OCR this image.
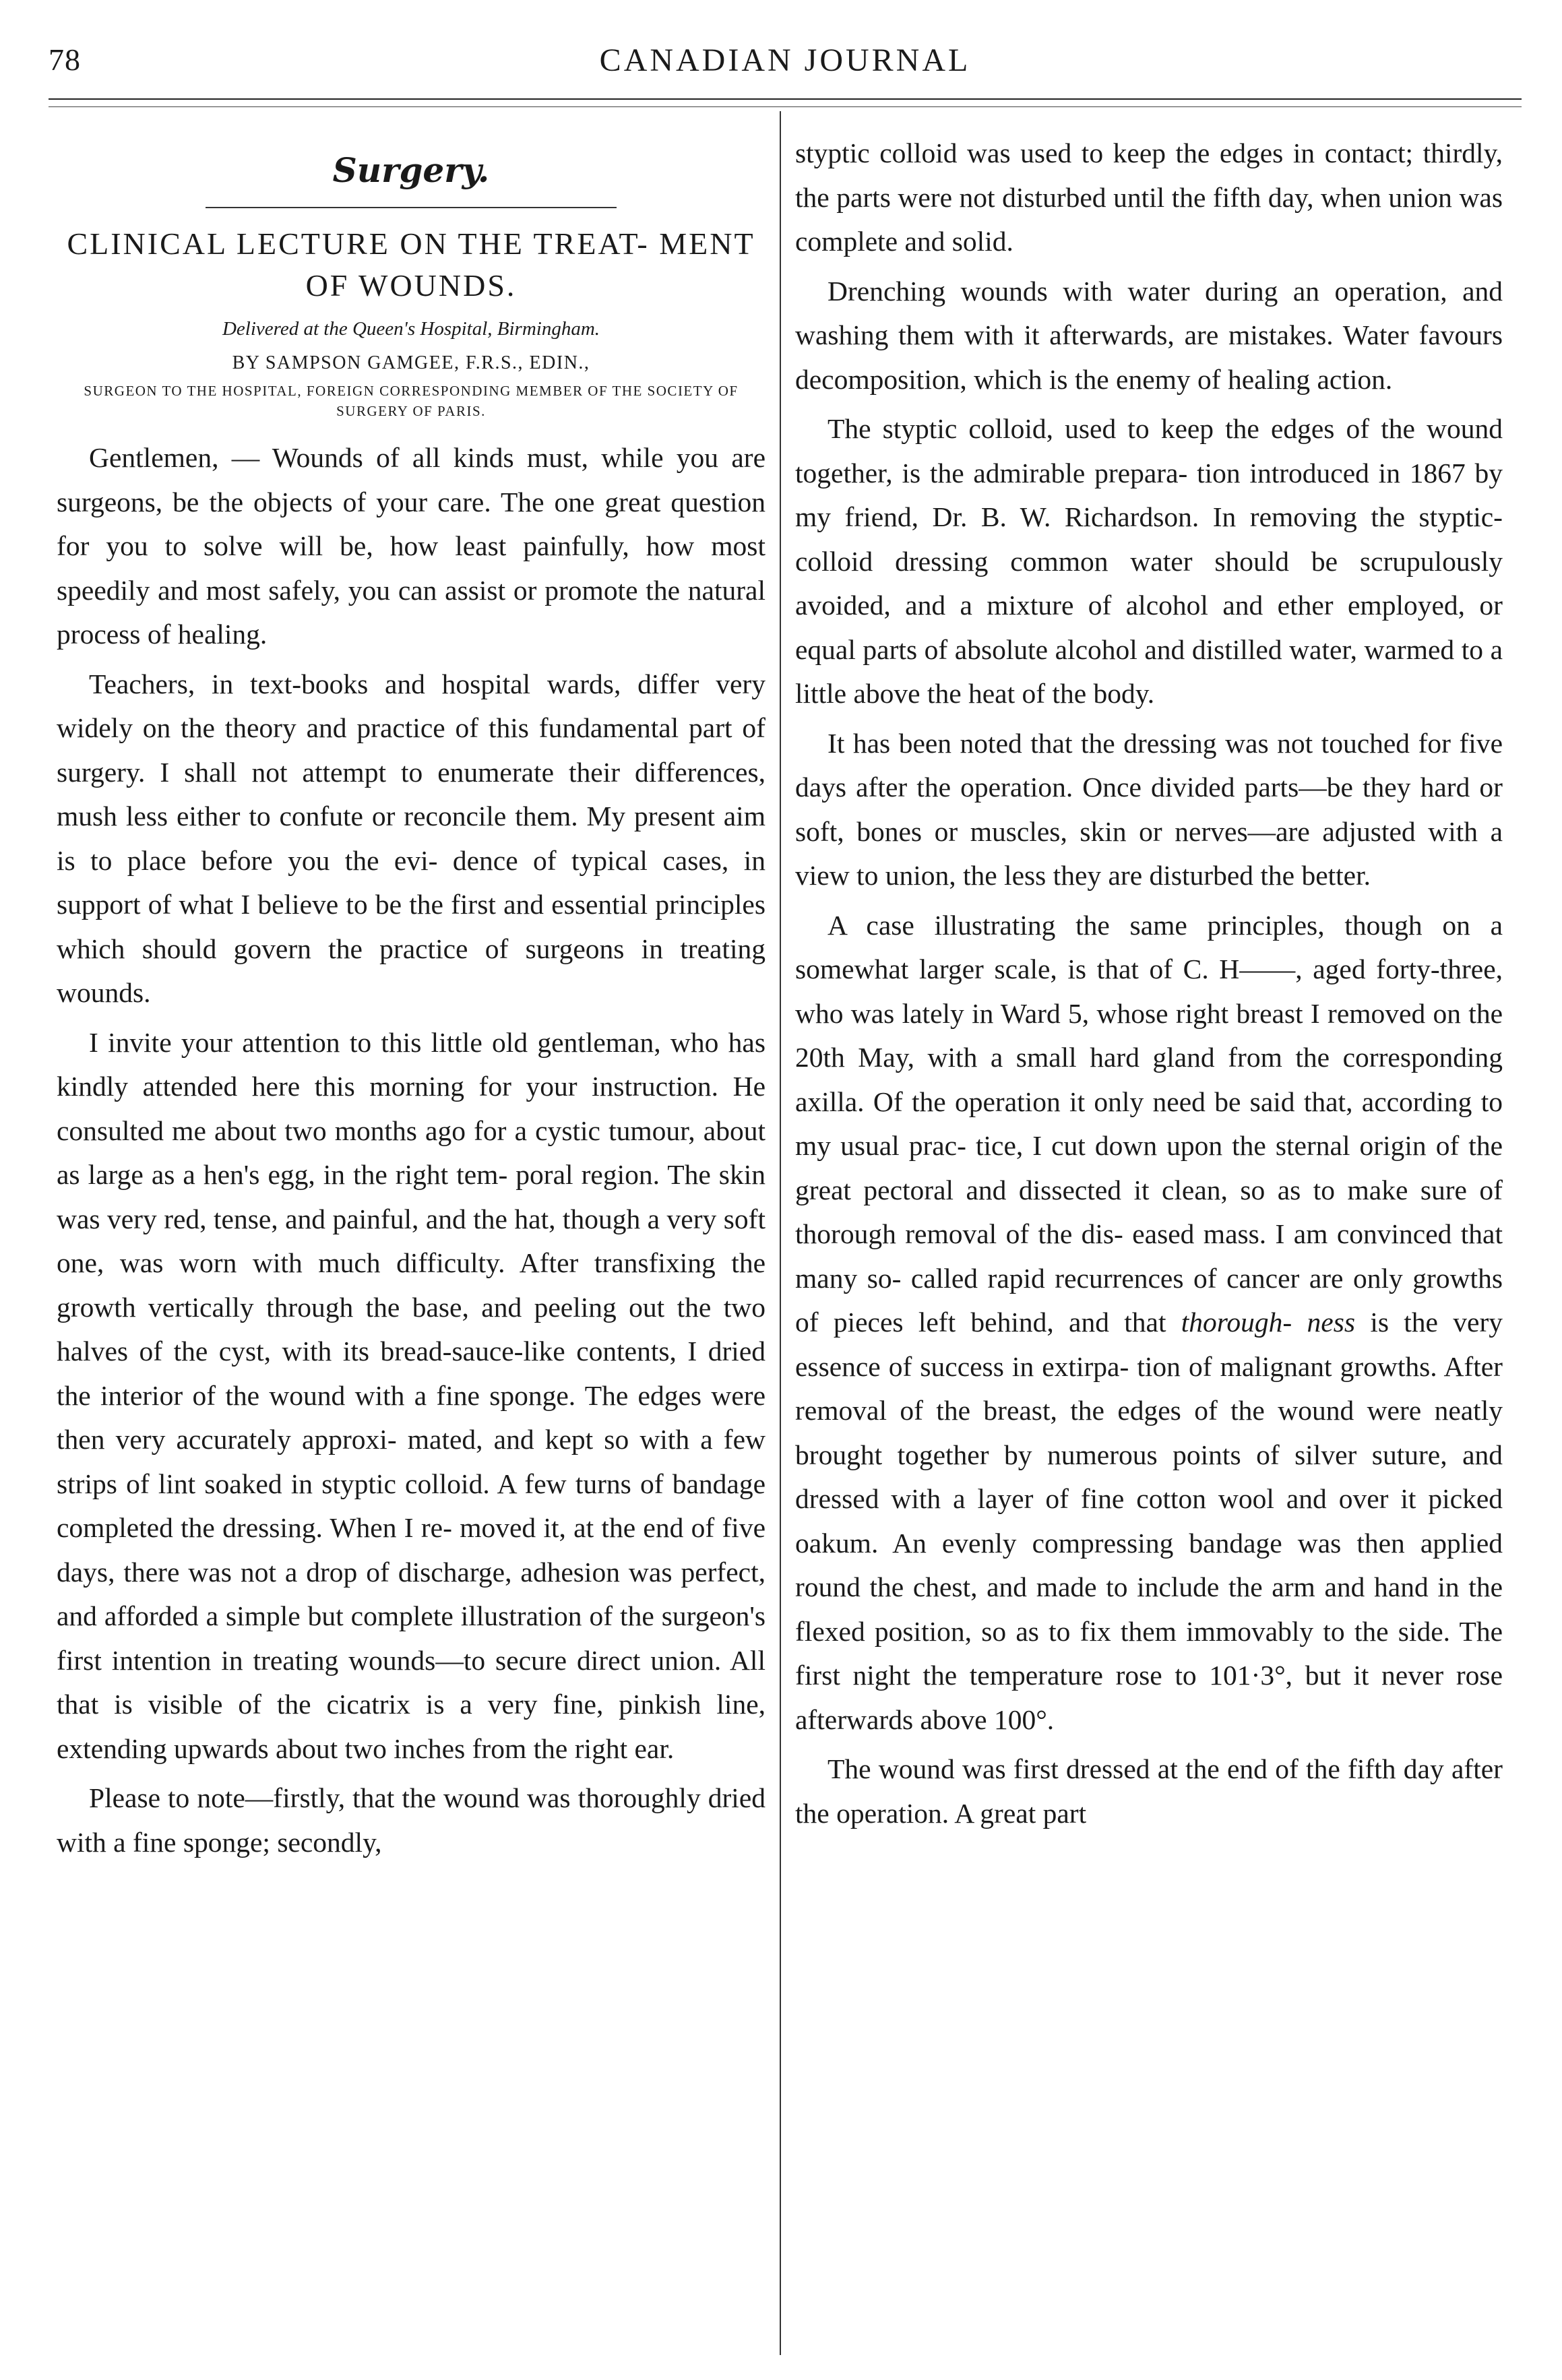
78	CANADIAN JOURNAL
Surgery.
CLINICAL LECTURE ON THE TREAT- MENT OF WOUNDS.
Delivered at the Queen's Hospital, Birmingham.
BY SAMPSON GAMGEE, F.R.S., EDIN.,
SURGEON TO THE HOSPITAL, FOREIGN CORRESPONDING MEMBER OF THE SOCIETY OF SURGERY OF PARIS.

Gentlemen, — Wounds of all kinds must, while you are surgeons, be the objects of your care. The one great question for you to solve will be, how least painfully, how most speedily and most safely, you can assist or promote the natural process of healing.

Teachers, in text-books and hospital wards, differ very widely on the theory and practice of this fundamental part of surgery. I shall not attempt to enumerate their differences, mush less either to confute or reconcile them. My present aim is to place before you the evi- dence of typical cases, in support of what I believe to be the first and essential principles which should govern the practice of surgeons in treating wounds.

I invite your attention to this little old gentleman, who has kindly attended here this morning for your instruction. He consulted me about two months ago for a cystic tumour, about as large as a hen's egg, in the right tem- poral region. The skin was very red, tense, and painful, and the hat, though a very soft one, was worn with much difficulty. After transfixing the growth vertically through the base, and peeling out the two halves of the cyst, with its bread-sauce-like contents, I dried the interior of the wound with a fine sponge. The edges were then very accurately approxi- mated, and kept so with a few strips of lint soaked in styptic colloid. A few turns of bandage completed the dressing. When I re- moved it, at the end of five days, there was not a drop of discharge, adhesion was perfect, and afforded a simple but complete illustration of the surgeon's first intention in treating wounds—to secure direct union. All that is visible of the cicatrix is a very fine, pinkish line, extending upwards about two inches from the right ear.

Please to note—firstly, that the wound was thoroughly dried with a fine sponge; secondly,

styptic colloid was used to keep the edges in contact; thirdly, the parts were not disturbed until the fifth day, when union was complete and solid.

Drenching wounds with water during an operation, and washing them with it afterwards, are mistakes. Water favours decomposition, which is the enemy of healing action.

The styptic colloid, used to keep the edges of the wound together, is the admirable prepara- tion introduced in 1867 by my friend, Dr. B. W. Richardson. In removing the styptic-colloid dressing common water should be scrupulously avoided, and a mixture of alcohol and ether employed, or equal parts of absolute alcohol and distilled water, warmed to a little above the heat of the body.

It has been noted that the dressing was not touched for five days after the operation. Once divided parts—be they hard or soft, bones or muscles, skin or nerves—are adjusted with a view to union, the less they are disturbed the better.

A case illustrating the same principles, though on a somewhat larger scale, is that of C. H——, aged forty-three, who was lately in Ward 5, whose right breast I removed on the 20th May, with a small hard gland from the corresponding axilla. Of the operation it only need be said that, according to my usual prac- tice, I cut down upon the sternal origin of the great pectoral and dissected it clean, so as to make sure of thorough removal of the dis- eased mass. I am convinced that many so- called rapid recurrences of cancer are only growths of pieces left behind, and that thorough- ness is the very essence of success in extirpa- tion of malignant growths. After removal of the breast, the edges of the wound were neatly brought together by numerous points of silver suture, and dressed with a layer of fine cotton wool and over it picked oakum. An evenly compressing bandage was then applied round the chest, and made to include the arm and hand in the flexed position, so as to fix them immovably to the side. The first night the temperature rose to 101·3°, but it never rose afterwards above 100°.

The wound was first dressed at the end of the fifth day after the operation. A great part
